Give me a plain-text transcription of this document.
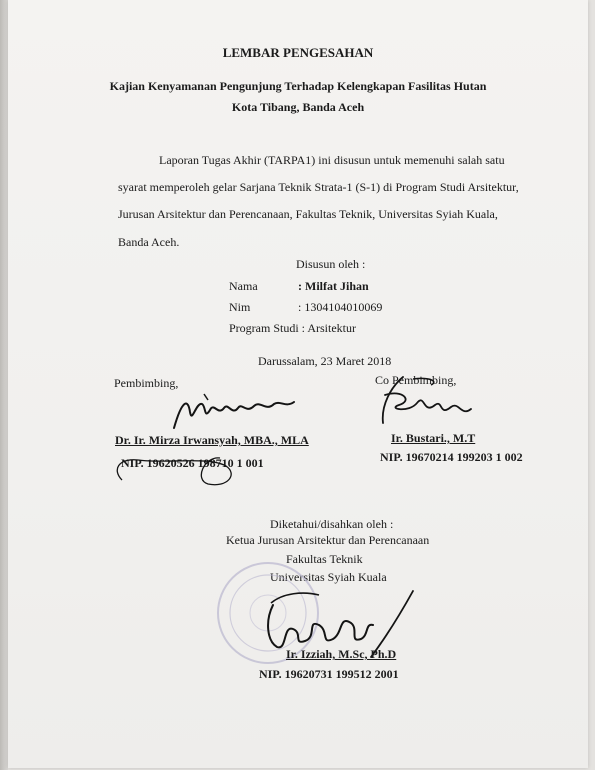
LEMBAR PENGESAHAN
Kajian Kenyamanan Pengunjung Terhadap Kelengkapan Fasilitas Hutan
Kota Tibang, Banda Aceh
Laporan Tugas Akhir (TARPA1) ini disusun untuk memenuhi salah satu
syarat memperoleh gelar Sarjana Teknik Strata-1 (S-1) di Program Studi Arsitektur,
Jurusan Arsitektur dan Perencanaan, Fakultas Teknik, Universitas Syiah Kuala,
Banda Aceh.
Disusun oleh :
Nama	: Milfat Jihan
Nim	: 1304104010069
Program Studi : Arsitektur
Darussalam, 23 Maret 2018
Pembimbing,	Co Pembimbing,
Dr. Ir. Mirza Irwansyah, MBA., MLA	Ir. Bustari., M.T
NIP. 19620526 198710 1 001	NIP. 19670214 199203 1 002
Diketahui/disahkan oleh :
Ketua Jurusan Arsitektur dan Perencanaan
Fakultas Teknik
Universitas Syiah Kuala
Ir. Izziah, M.Sc, Ph.D
NIP. 19620731 199512 2001
